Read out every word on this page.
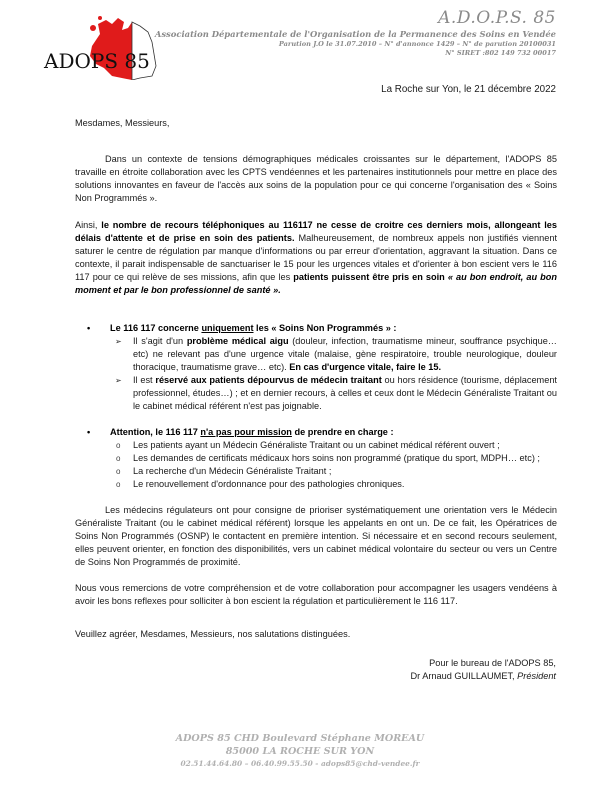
ADOPS 85
A.D.O.P.S. 85
Association Départementale de l'Organisation de la Permanence des Soins en Vendée
Parution J.O le 31.07.2010 – N° d'annonce 1429 – N° de parution 20100031
N° SIRET :802 149 732 00017
La Roche sur Yon, le 21 décembre 2022
Mesdames, Messieurs,
Dans un contexte de tensions démographiques médicales croissantes sur le département, l'ADOPS 85 travaille en étroite collaboration avec les CPTS vendéennes et les partenaires institutionnels pour mettre en place des solutions innovantes en faveur de l'accès aux soins de la population pour ce qui concerne l'organisation des « Soins Non Programmés ».
Ainsi, le nombre de recours téléphoniques au 116117 ne cesse de croitre ces derniers mois, allongeant les délais d'attente et de prise en soin des patients. Malheureusement, de nombreux appels non justifiés viennent saturer le centre de régulation par manque d'informations ou par erreur d'orientation, aggravant la situation. Dans ce contexte, il parait indispensable de sanctuariser le 15 pour les urgences vitales et d'orienter à bon escient vers le 116 117 pour ce qui relève de ses missions, afin que les patients puissent être pris en soin « au bon endroit, au bon moment et par le bon professionnel de santé ».
• Le 116 117 concerne uniquement les « Soins Non Programmés » :
➢ Il s'agit d'un problème médical aigu (douleur, infection, traumatisme mineur, souffrance psychique… etc) ne relevant pas d'une urgence vitale (malaise, gène respiratoire, trouble neurologique, douleur thoracique, traumatisme grave… etc). En cas d'urgence vitale, faire le 15.
➢ Il est réservé aux patients dépourvus de médecin traitant ou hors résidence (tourisme, déplacement professionnel, études…) ; et en dernier recours, à celles et ceux dont le Médecin Généraliste Traitant ou le cabinet médical référent n'est pas joignable.
• Attention, le 116 117 n'a pas pour mission de prendre en charge :
o Les patients ayant un Médecin Généraliste Traitant ou un cabinet médical référent ouvert ;
o Les demandes de certificats médicaux hors soins non programmé (pratique du sport, MDPH… etc) ;
o La recherche d'un Médecin Généraliste Traitant ;
o Le renouvellement d'ordonnance pour des pathologies chroniques.
Les médecins régulateurs ont pour consigne de prioriser systématiquement une orientation vers le Médecin Généraliste Traitant (ou le cabinet médical référent) lorsque les appelants en ont un. De ce fait, les Opératrices de Soins Non Programmés (OSNP) le contactent en première intention. Si nécessaire et en second recours seulement, elles peuvent orienter, en fonction des disponibilités, vers un cabinet médical volontaire du secteur ou vers un Centre de Soins Non Programmés de proximité.
Nous vous remercions de votre compréhension et de votre collaboration pour accompagner les usagers vendéens à avoir les bons reflexes pour solliciter à bon escient la régulation et particulièrement le 116 117.
Veuillez agréer, Mesdames, Messieurs, nos salutations distinguées.
Pour le bureau de l'ADOPS 85,
Dr Arnaud GUILLAUMET, Président
ADOPS 85 CHD Boulevard Stéphane MOREAU
85000 LA ROCHE SUR YON
02.51.44.64.80 – 06.40.99.55.50 - adops85@chd-vendee.fr
